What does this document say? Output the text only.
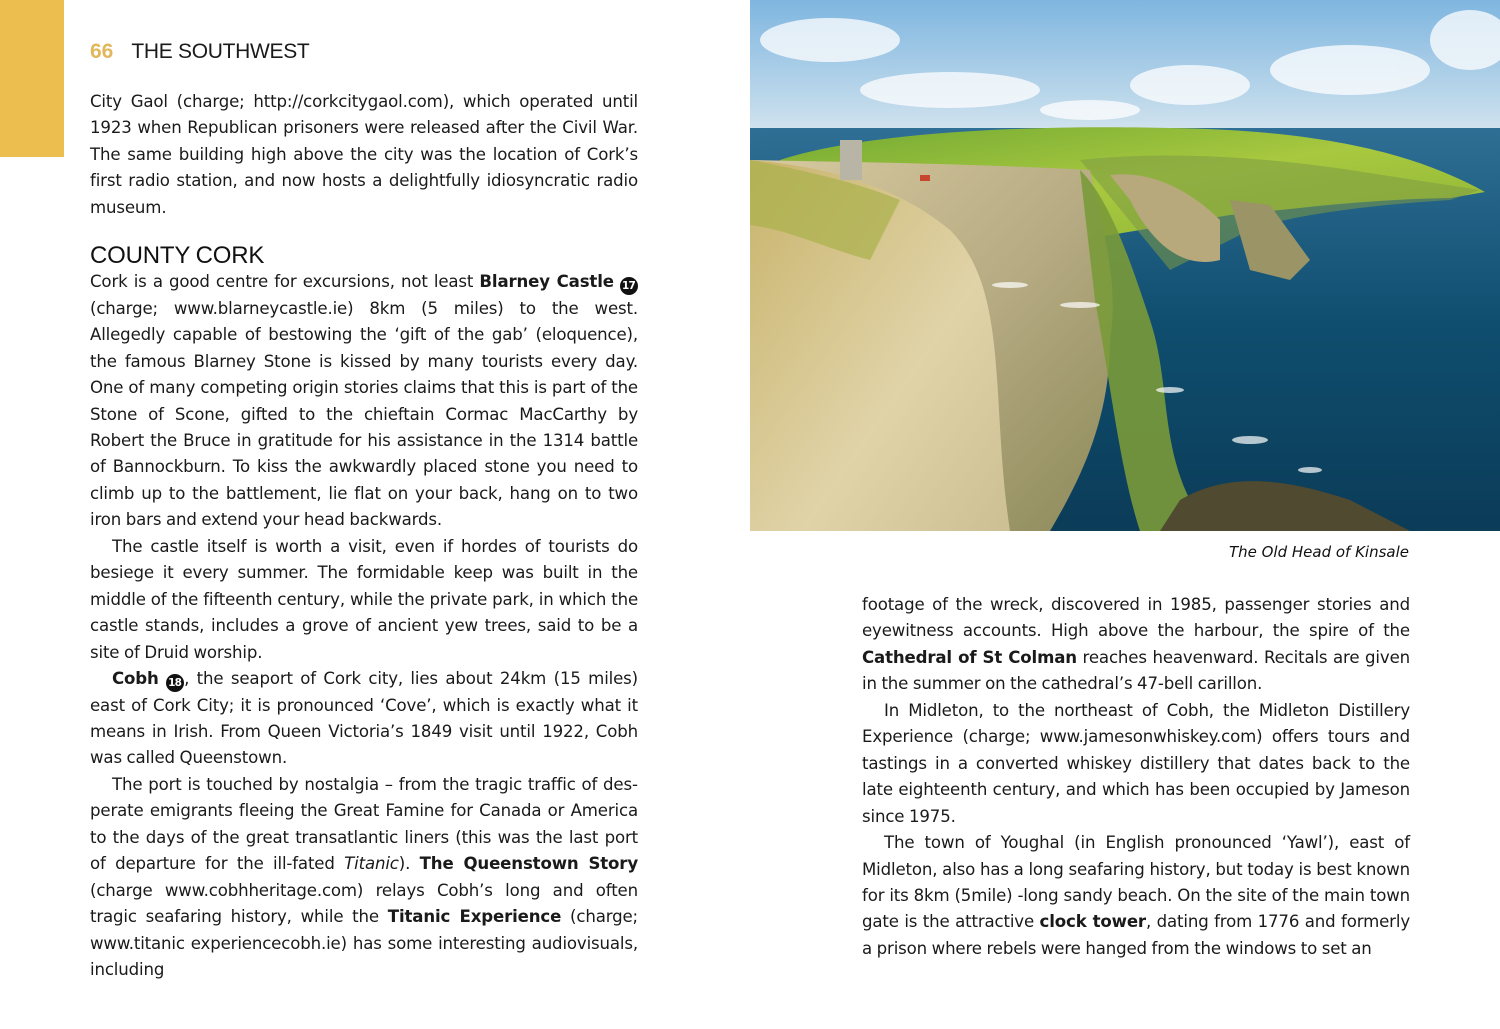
66 THE SOUTHWEST

City Gaol (charge; http://corkcitygaol.com), which operated until 1923 when Republican prisoners were released after the Civil War. The same building high above the city was the location of Cork’s first radio station, and now hosts a delightfully idiosyncratic radio museum.

COUNTY CORK

Cork is a good centre for excursions, not least Blarney Castle 17 (charge; www.blarneycastle.ie) 8km (5 miles) to the west. Allegedly capable of bestowing the ‘gift of the gab’ (eloquence), the famous Blarney Stone is kissed by many tourists every day. One of many competing origin stories claims that this is part of the Stone of Scone, gifted to the chieftain Cormac MacCarthy by Robert the Bruce in gratitude for his assistance in the 1314 battle of Bannockburn. To kiss the awkwardly placed stone you need to climb up to the battlement, lie flat on your back, hang on to two iron bars and extend your head backwards.

The castle itself is worth a visit, even if hordes of tourists do besiege it every summer. The formidable keep was built in the middle of the fifteenth century, while the private park, in which the castle stands, includes a grove of ancient yew trees, said to be a site of Druid worship.

Cobh 18 , the seaport of Cork city, lies about 24km (15 miles) east of Cork City; it is pronounced ‘Cove’, which is exactly what it means in Irish. From Queen Victoria’s 1849 visit until 1922, Cobh was called Queenstown.

The port is touched by nostalgia – from the tragic traffic of desperate emigrants fleeing the Great Famine for Canada or America to the days of the great transatlantic liners (this was the last port of departure for the ill-fated Titanic). The Queenstown Story (charge www.cobhheritage.com) relays Cobh’s long and often tragic seafaring history, while the Titanic Experience (charge; www.titanic experiencecobh.ie) has some interesting audiovisuals, including

The Old Head of Kinsale

footage of the wreck, discovered in 1985, passenger stories and eyewitness accounts. High above the harbour, the spire of the Cathedral of St Colman reaches heavenward. Recitals are given in the summer on the cathedral’s 47-bell carillon.

In Midleton, to the northeast of Cobh, the Midleton Distillery Experience (charge; www.jamesonwhiskey.com) offers tours and tastings in a converted whiskey distillery that dates back to the late eighteenth century, and which has been occupied by Jameson since 1975.

The town of Youghal (in English pronounced ‘Yawl’), east of Midleton, also has a long seafaring history, but today is best known for its 8km (5mile) -long sandy beach. On the site of the main town gate is the attractive clock tower, dating from 1776 and formerly a prison where rebels were hanged from the windows to set an
